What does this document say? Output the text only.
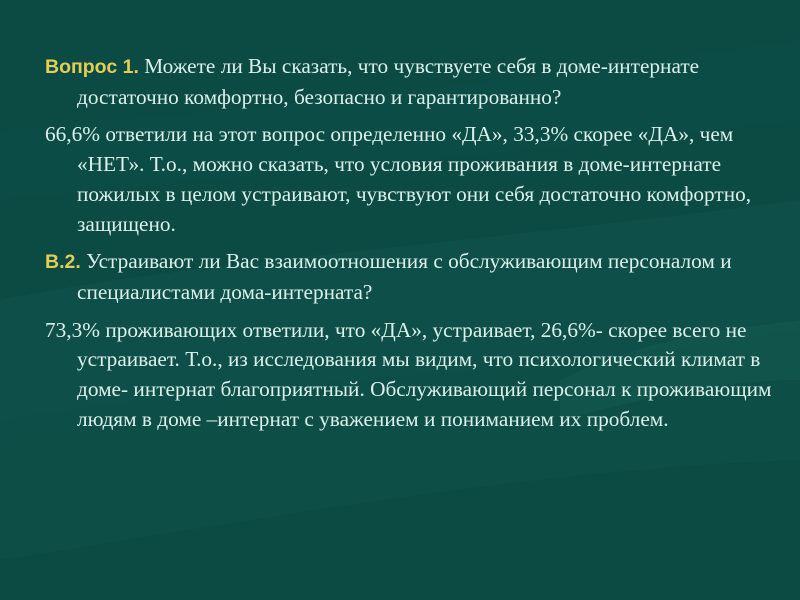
Вопрос 1. Можете ли Вы сказать, что чувствуете себя в доме-интернате достаточно комфортно, безопасно и гарантированно?

66,6% ответили на этот вопрос определенно «ДА», 33,3% скорее «ДА», чем «НЕТ». Т.о., можно сказать, что условия проживания в доме-интернате пожилых в целом устраивают, чувствуют они себя достаточно комфортно, защищено.

В.2. Устраивают ли Вас взаимоотношения с обслуживающим персоналом и специалистами дома-интерната?

73,3% проживающих ответили, что «ДА», устраивает, 26,6%- скорее всего не устраивает. Т.о., из исследования мы видим, что психологический климат в доме- интернат благоприятный. Обслуживающий персонал к проживающим людям в доме –интернат с уважением и пониманием их проблем.
